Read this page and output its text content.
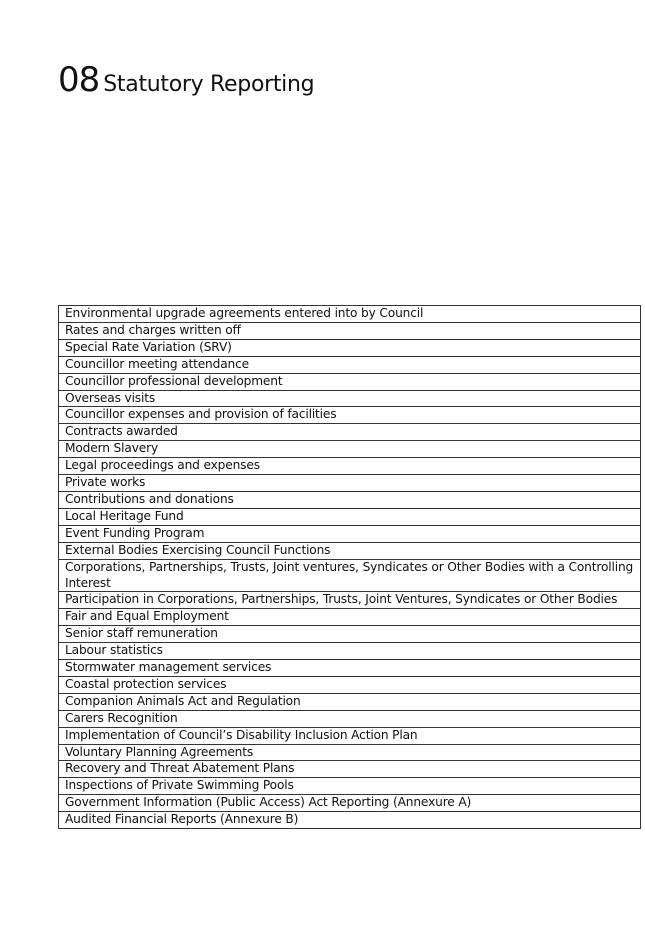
08 Statutory Reporting
Environmental upgrade agreements entered into by Council
Rates and charges written off
Special Rate Variation (SRV)
Councillor meeting attendance
Councillor professional development
Overseas visits
Councillor expenses and provision of facilities
Contracts awarded
Modern Slavery
Legal proceedings and expenses
Private works
Contributions and donations
Local Heritage Fund
Event Funding Program
External Bodies Exercising Council Functions
Corporations, Partnerships, Trusts, Joint ventures, Syndicates or Other Bodies with a Controlling Interest
Participation in Corporations, Partnerships, Trusts, Joint Ventures, Syndicates or Other Bodies
Fair and Equal Employment
Senior staff remuneration
Labour statistics
Stormwater management services
Coastal protection services
Companion Animals Act and Regulation
Carers Recognition
Implementation of Council’s Disability Inclusion Action Plan
Voluntary Planning Agreements
Recovery and Threat Abatement Plans
Inspections of Private Swimming Pools
Government Information (Public Access) Act Reporting (Annexure A)
Audited Financial Reports (Annexure B)
